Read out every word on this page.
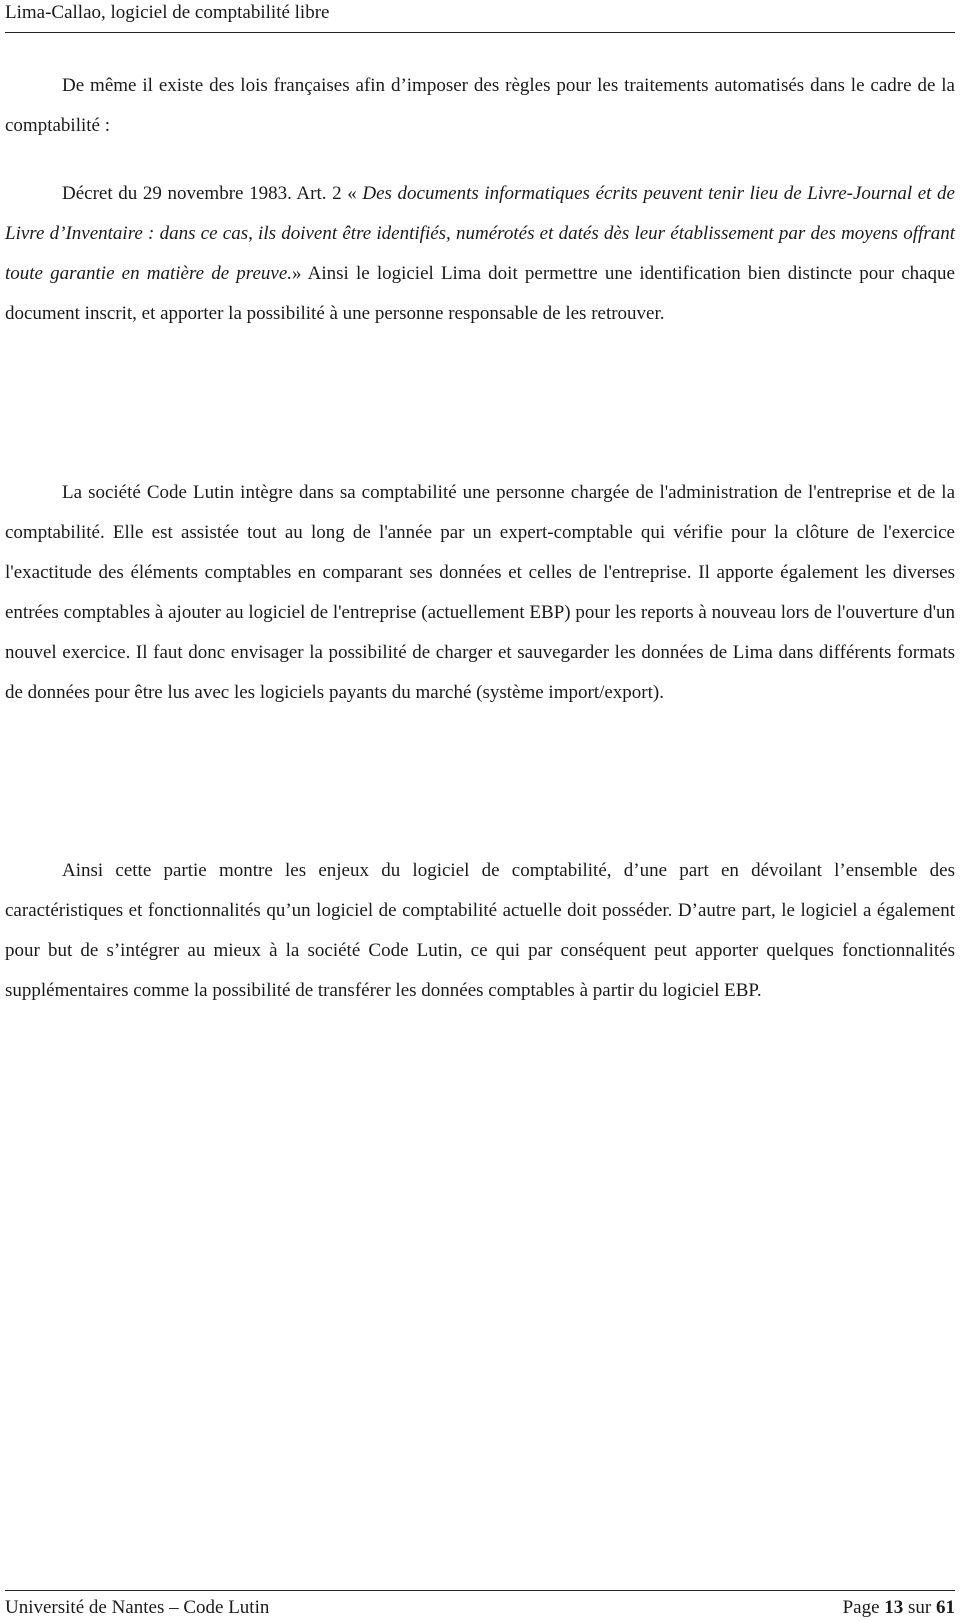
Lima-Callao, logiciel de comptabilité libre

De même il existe des lois françaises afin d’imposer des règles pour les traitements automatisés dans le cadre de la comptabilité :

Décret du 29 novembre 1983. Art. 2 « Des documents informatiques écrits peuvent tenir lieu de Livre-Journal et de Livre d’Inventaire : dans ce cas, ils doivent être identifiés, numérotés et datés dès leur établissement par des moyens offrant toute garantie en matière de preuve.» Ainsi le logiciel Lima doit permettre une identification bien distincte pour chaque document inscrit, et apporter la possibilité à une personne responsable de les retrouver.

La société Code Lutin intègre dans sa comptabilité une personne chargée de l'administration de l'entreprise et de la comptabilité. Elle est assistée tout au long de l'année par un expert-comptable qui vérifie pour la clôture de l'exercice l'exactitude des éléments comptables en comparant ses données et celles de l'entreprise. Il apporte également les diverses entrées comptables à ajouter au logiciel de l'entreprise (actuellement EBP) pour les reports à nouveau lors de l'ouverture d'un nouvel exercice. Il faut donc envisager la possibilité de charger et sauvegarder les données de Lima dans différents formats de données pour être lus avec les logiciels payants du marché (système import/export).

Ainsi cette partie montre les enjeux du logiciel de comptabilité, d’une part en dévoilant l’ensemble des caractéristiques et fonctionnalités qu’un logiciel de comptabilité actuelle doit posséder. D’autre part, le logiciel a également pour but de s’intégrer au mieux à la société Code Lutin, ce qui par conséquent peut apporter quelques fonctionnalités supplémentaires comme la possibilité de transférer les données comptables à partir du logiciel EBP.

Université de Nantes – Code Lutin	Page 13 sur 61
